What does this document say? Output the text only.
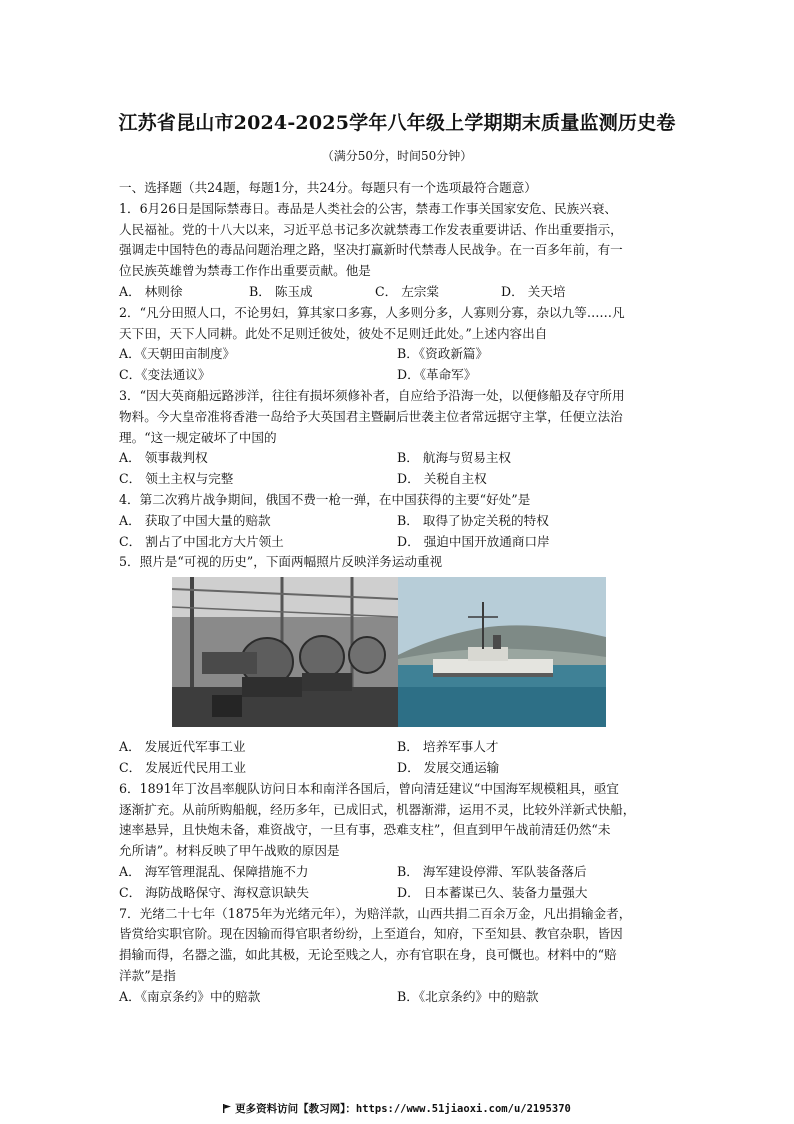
江苏省昆山市2024-2025学年八年级上学期期末质量监测历史卷
（满分50分，时间50分钟）
一、选择题（共24题，每题1分，共24分。每题只有一个选项最符合题意）
1．6月26日是国际禁毒日。毒品是人类社会的公害，禁毒工作事关国家安危、民族兴衰、
人民福祉。党的十八大以来，习近平总书记多次就禁毒工作发表重要讲话、作出重要指示，
强调走中国特色的毒品问题治理之路，坚决打赢新时代禁毒人民战争。在一百多年前，有一
位民族英雄曾为禁毒工作作出重要贡献。他是
A． 林则徐	B． 陈玉成	C． 左宗棠	D． 关天培
2．“凡分田照人口，不论男妇，算其家口多寡，人多则分多，人寡则分寡，杂以九等……凡
天下田，天下人同耕。此处不足则迁彼处，彼处不足则迁此处。”上述内容出自
A．《天朝田亩制度》	B．《资政新篇》
C．《变法通议》	D．《革命军》
3．“因大英商船远路涉洋，往往有损坏须修补者，自应给予沿海一处，以便修船及存守所用
物料。今大皇帝准将香港一岛给予大英国君主暨嗣后世袭主位者常远据守主掌，任便立法治
理。“这一规定破坏了中国的
A． 领事裁判权	B． 航海与贸易主权
C． 领土主权与完整	D． 关税自主权
4．第二次鸦片战争期间，俄国不费一枪一弹，在中国获得的主要“好处”是
A． 获取了中国大量的赔款	B． 取得了协定关税的特权
C． 割占了中国北方大片领土	D． 强迫中国开放通商口岸
5．照片是“可视的历史”，下面两幅照片反映洋务运动重视
A． 发展近代军事工业	B． 培养军事人才
C． 发展近代民用工业	D． 发展交通运输
6．1891年丁汝昌率舰队访问日本和南洋各国后，曾向清廷建议“中国海军规模粗具，亟宜
逐渐扩充。从前所购船舰，经历多年，已成旧式，机器渐滞，运用不灵，比较外洋新式快船，
速率悬异，且快炮未备，难资战守，一旦有事，恐难支柱”，但直到甲午战前清廷仍然“未
允所请”。材料反映了甲午战败的原因是
A． 海军管理混乱、保障措施不力	B． 海军建设停滞、军队装备落后
C． 海防战略保守、海权意识缺失	D． 日本蓄谋已久、装备力量强大
7．光绪二十七年（1875年为光绪元年），为赔洋款，山西共捐二百余万金，凡出捐输金者，
皆赏给实职官阶。现在因输而得官职者纷纷，上至道台，知府，下至知县、教官杂职，皆因
捐输而得，名器之滥，如此其极，无论至贱之人，亦有官职在身，良可慨也。材料中的“赔
洋款”是指
A．《南京条约》中的赔款	B．《北京条约》中的赔款
更多资料访问【教习网】：https://www.51jiaoxi.com/u/2195370
